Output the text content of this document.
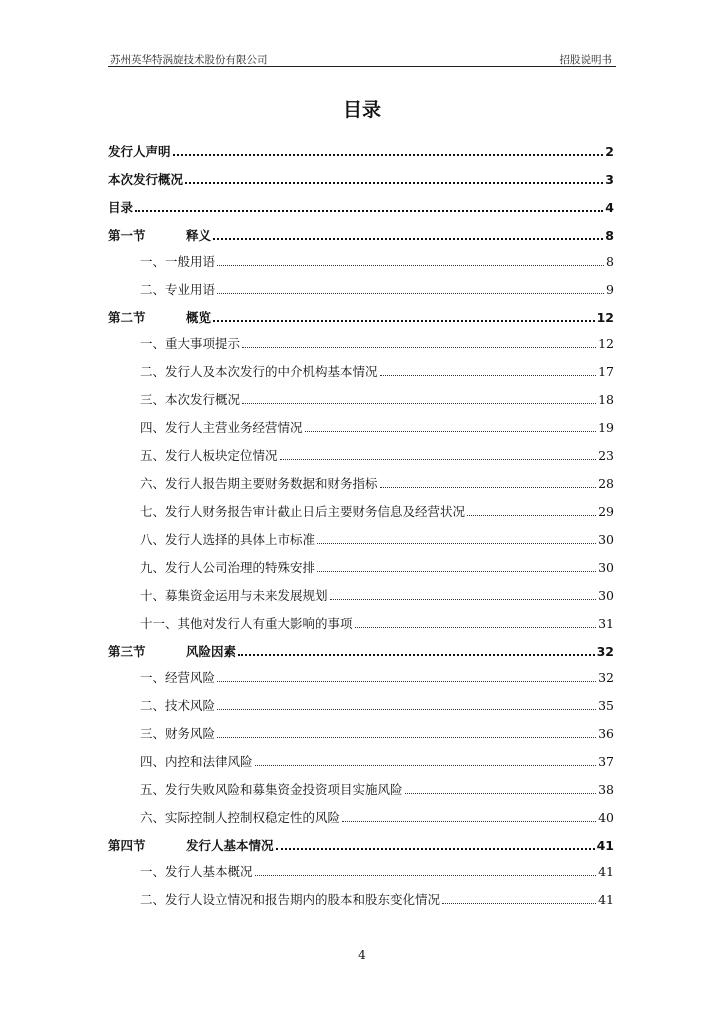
苏州英华特涡旋技术股份有限公司	招股说明书
目录
发行人声明	2
本次发行概况	3
目录	4
第一节	释义	8
一、一般用语	8
二、专业用语	9
第二节	概览	12
一、重大事项提示	12
二、发行人及本次发行的中介机构基本情况	17
三、本次发行概况	18
四、发行人主营业务经营情况	19
五、发行人板块定位情况	23
六、发行人报告期主要财务数据和财务指标	28
七、发行人财务报告审计截止日后主要财务信息及经营状况	29
八、发行人选择的具体上市标准	30
九、发行人公司治理的特殊安排	30
十、募集资金运用与未来发展规划	30
十一、其他对发行人有重大影响的事项	31
第三节	风险因素	32
一、经营风险	32
二、技术风险	35
三、财务风险	36
四、内控和法律风险	37
五、发行失败风险和募集资金投资项目实施风险	38
六、实际控制人控制权稳定性的风险	40
第四节	发行人基本情况	41
一、发行人基本概况	41
二、发行人设立情况和报告期内的股本和股东变化情况	41
4
